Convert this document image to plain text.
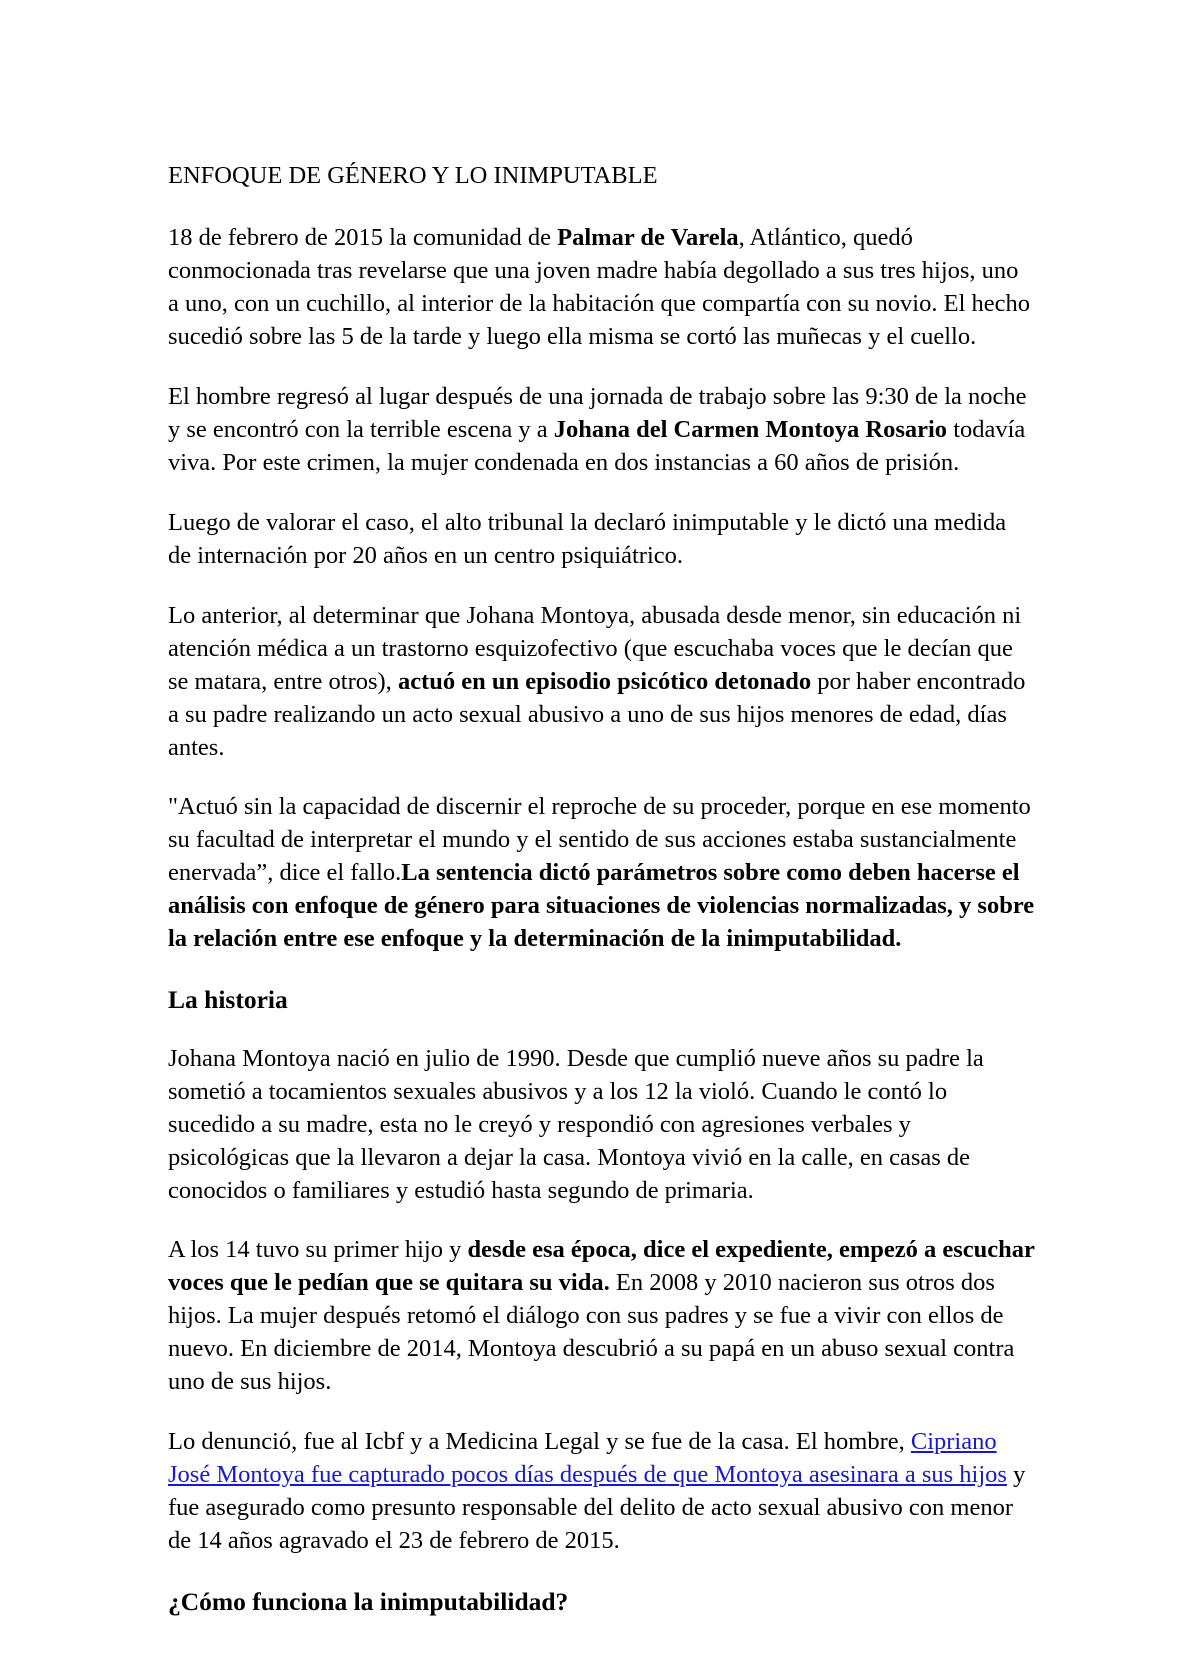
ENFOQUE DE GÉNERO Y LO INIMPUTABLE

18 de febrero de 2015 la comunidad de Palmar de Varela, Atlántico, quedó conmocionada tras revelarse que una joven madre había degollado a sus tres hijos, uno a uno, con un cuchillo, al interior de la habitación que compartía con su novio. El hecho sucedió sobre las 5 de la tarde y luego ella misma se cortó las muñecas y el cuello.

El hombre regresó al lugar después de una jornada de trabajo sobre las 9:30 de la noche y se encontró con la terrible escena y a Johana del Carmen Montoya Rosario todavía viva. Por este crimen, la mujer condenada en dos instancias a 60 años de prisión.

Luego de valorar el caso, el alto tribunal la declaró inimputable y le dictó una medida de internación por 20 años en un centro psiquiátrico.

Lo anterior, al determinar que Johana Montoya, abusada desde menor, sin educación ni atención médica a un trastorno esquizofectivo (que escuchaba voces que le decían que se matara, entre otros), actuó en un episodio psicótico detonado por haber encontrado a su padre realizando un acto sexual abusivo a uno de sus hijos menores de edad, días antes.

"Actuó sin la capacidad de discernir el reproche de su proceder, porque en ese momento su facultad de interpretar el mundo y el sentido de sus acciones estaba sustancialmente enervada”, dice el fallo.La sentencia dictó parámetros sobre como deben hacerse el análisis con enfoque de género para situaciones de violencias normalizadas, y sobre la relación entre ese enfoque y la determinación de la inimputabilidad.

La historia

Johana Montoya nació en julio de 1990. Desde que cumplió nueve años su padre la sometió a tocamientos sexuales abusivos y a los 12 la violó. Cuando le contó lo sucedido a su madre, esta no le creyó y respondió con agresiones verbales y psicológicas que la llevaron a dejar la casa. Montoya vivió en la calle, en casas de conocidos o familiares y estudió hasta segundo de primaria.

A los 14 tuvo su primer hijo y desde esa época, dice el expediente, empezó a escuchar voces que le pedían que se quitara su vida. En 2008 y 2010 nacieron sus otros dos hijos. La mujer después retomó el diálogo con sus padres y se fue a vivir con ellos de nuevo. En diciembre de 2014, Montoya descubrió a su papá en un abuso sexual contra uno de sus hijos.

Lo denunció, fue al Icbf y a Medicina Legal y se fue de la casa. El hombre, Cipriano José Montoya fue capturado pocos días después de que Montoya asesinara a sus hijos y fue asegurado como presunto responsable del delito de acto sexual abusivo con menor de 14 años agravado el 23 de febrero de 2015.

¿Cómo funciona la inimputabilidad?
